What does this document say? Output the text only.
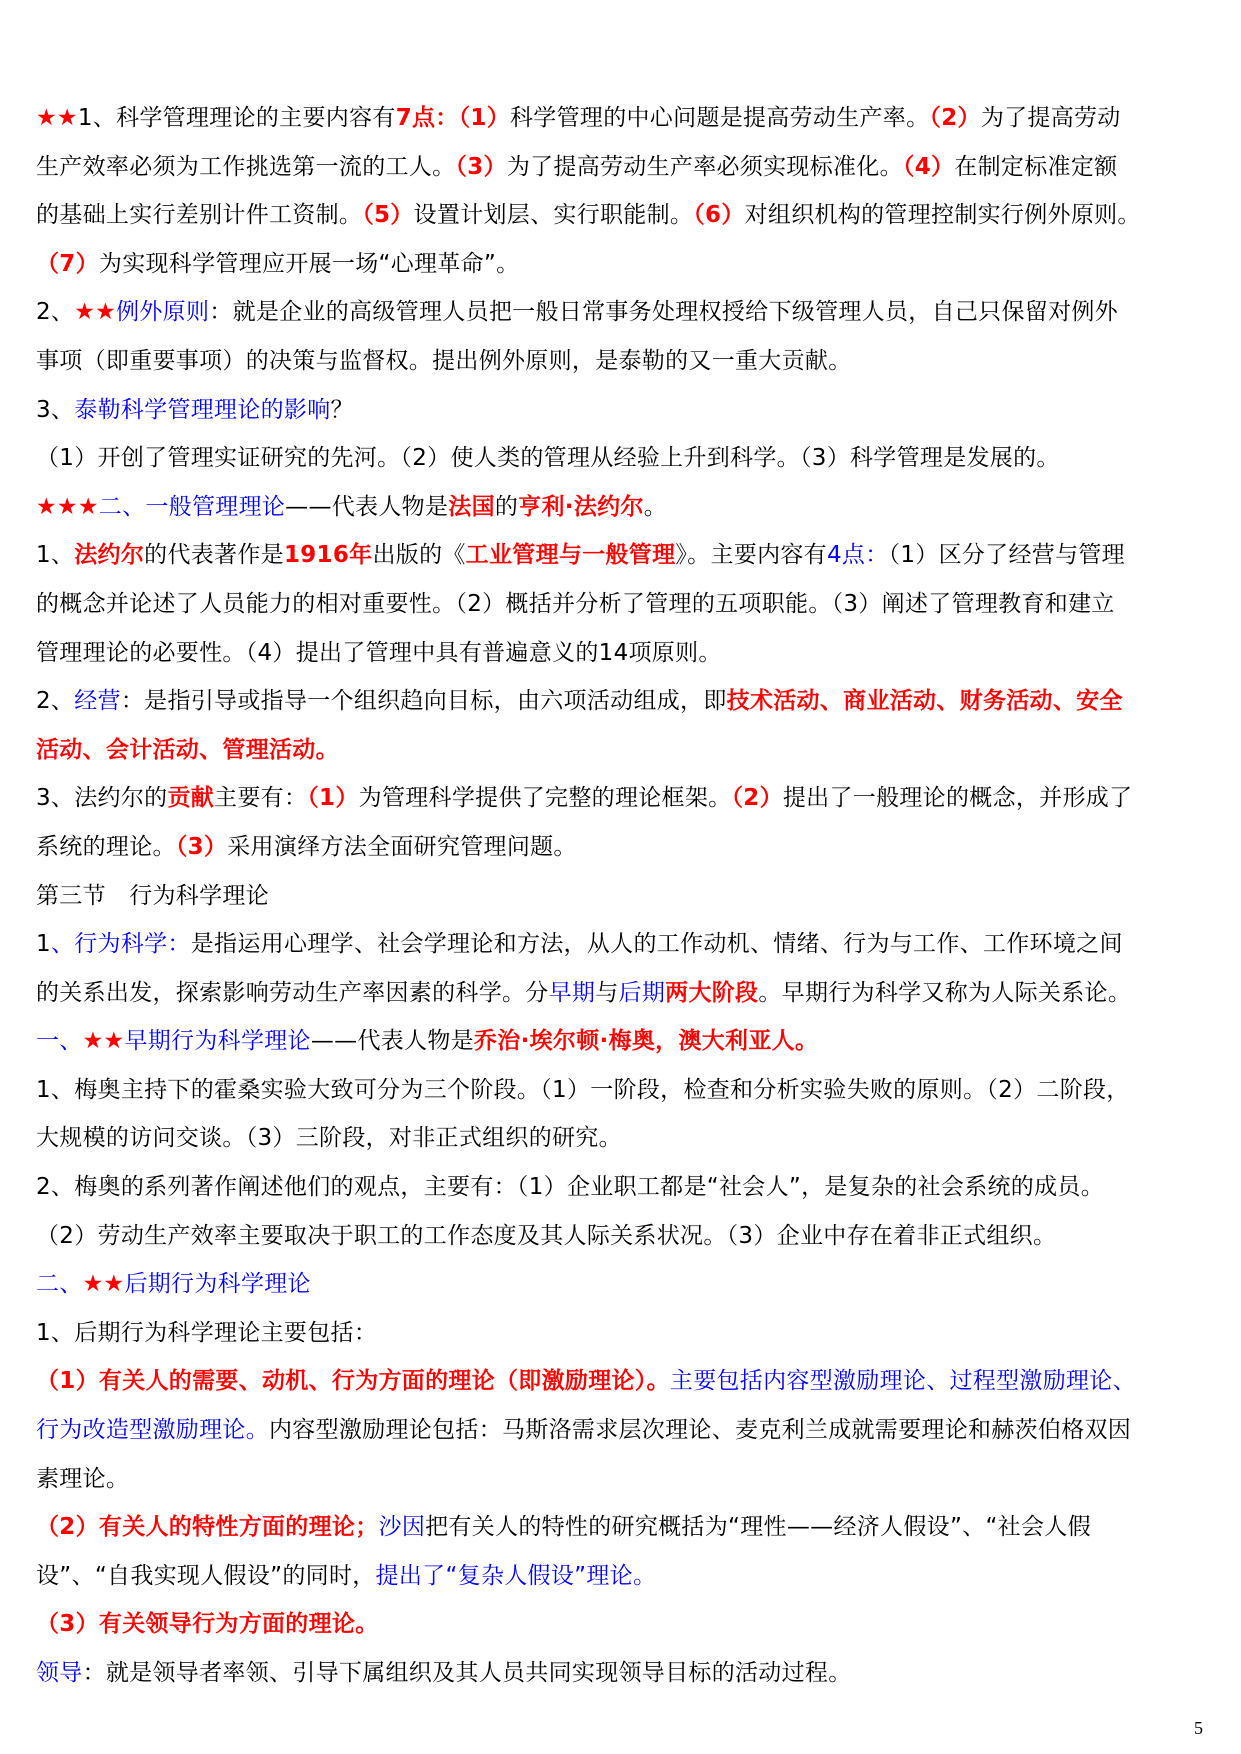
★★1、科学管理理论的主要内容有7点：（1）科学管理的中心问题是提高劳动生产率。（2）为了提高劳动
生产效率必须为工作挑选第一流的工人。（3）为了提高劳动生产率必须实现标准化。（4）在制定标准定额
的基础上实行差别计件工资制。（5）设置计划层、实行职能制。（6）对组织机构的管理控制实行例外原则。
（7）为实现科学管理应开展一场“心理革命”。
2、★★例外原则：就是企业的高级管理人员把一般日常事务处理权授给下级管理人员，自己只保留对例外
事项（即重要事项）的决策与监督权。提出例外原则，是泰勒的又一重大贡献。
3、泰勒科学管理理论的影响？
（1）开创了管理实证研究的先河。（2）使人类的管理从经验上升到科学。（3）科学管理是发展的。
★★★二、一般管理理论——代表人物是法国的亨利·法约尔。
1、法约尔的代表著作是1916年出版的《工业管理与一般管理》。主要内容有4点：（1）区分了经营与管理
的概念并论述了人员能力的相对重要性。（2）概括并分析了管理的五项职能。（3）阐述了管理教育和建立
管理理论的必要性。（4）提出了管理中具有普遍意义的14项原则。
2、经营：是指引导或指导一个组织趋向目标，由六项活动组成，即技术活动、商业活动、财务活动、安全
活动、会计活动、管理活动。
3、法约尔的贡献主要有：（1）为管理科学提供了完整的理论框架。（2）提出了一般理论的概念，并形成了
系统的理论。（3）采用演绎方法全面研究管理问题。
第三节　行为科学理论
1、行为科学：是指运用心理学、社会学理论和方法，从人的工作动机、情绪、行为与工作、工作环境之间
的关系出发，探索影响劳动生产率因素的科学。分早期与后期两大阶段。早期行为科学又称为人际关系论。
一、★★早期行为科学理论——代表人物是乔治·埃尔顿·梅奥，澳大利亚人。
1、梅奥主持下的霍桑实验大致可分为三个阶段。（1）一阶段，检查和分析实验失败的原则。（2）二阶段，
大规模的访问交谈。（3）三阶段，对非正式组织的研究。
2、梅奥的系列著作阐述他们的观点，主要有：（1）企业职工都是“社会人”，是复杂的社会系统的成员。
（2）劳动生产效率主要取决于职工的工作态度及其人际关系状况。（3）企业中存在着非正式组织。
二、★★后期行为科学理论
1、后期行为科学理论主要包括：
（1）有关人的需要、动机、行为方面的理论（即激励理论）。主要包括内容型激励理论、过程型激励理论、
行为改造型激励理论。内容型激励理论包括：马斯洛需求层次理论、麦克利兰成就需要理论和赫茨伯格双因
素理论。
（2）有关人的特性方面的理论；沙因把有关人的特性的研究概括为“理性——经济人假设”、“社会人假
设”、“自我实现人假设”的同时，提出了“复杂人假设”理论。
（3）有关领导行为方面的理论。
领导：就是领导者率领、引导下属组织及其人员共同实现领导目标的活动过程。
5
